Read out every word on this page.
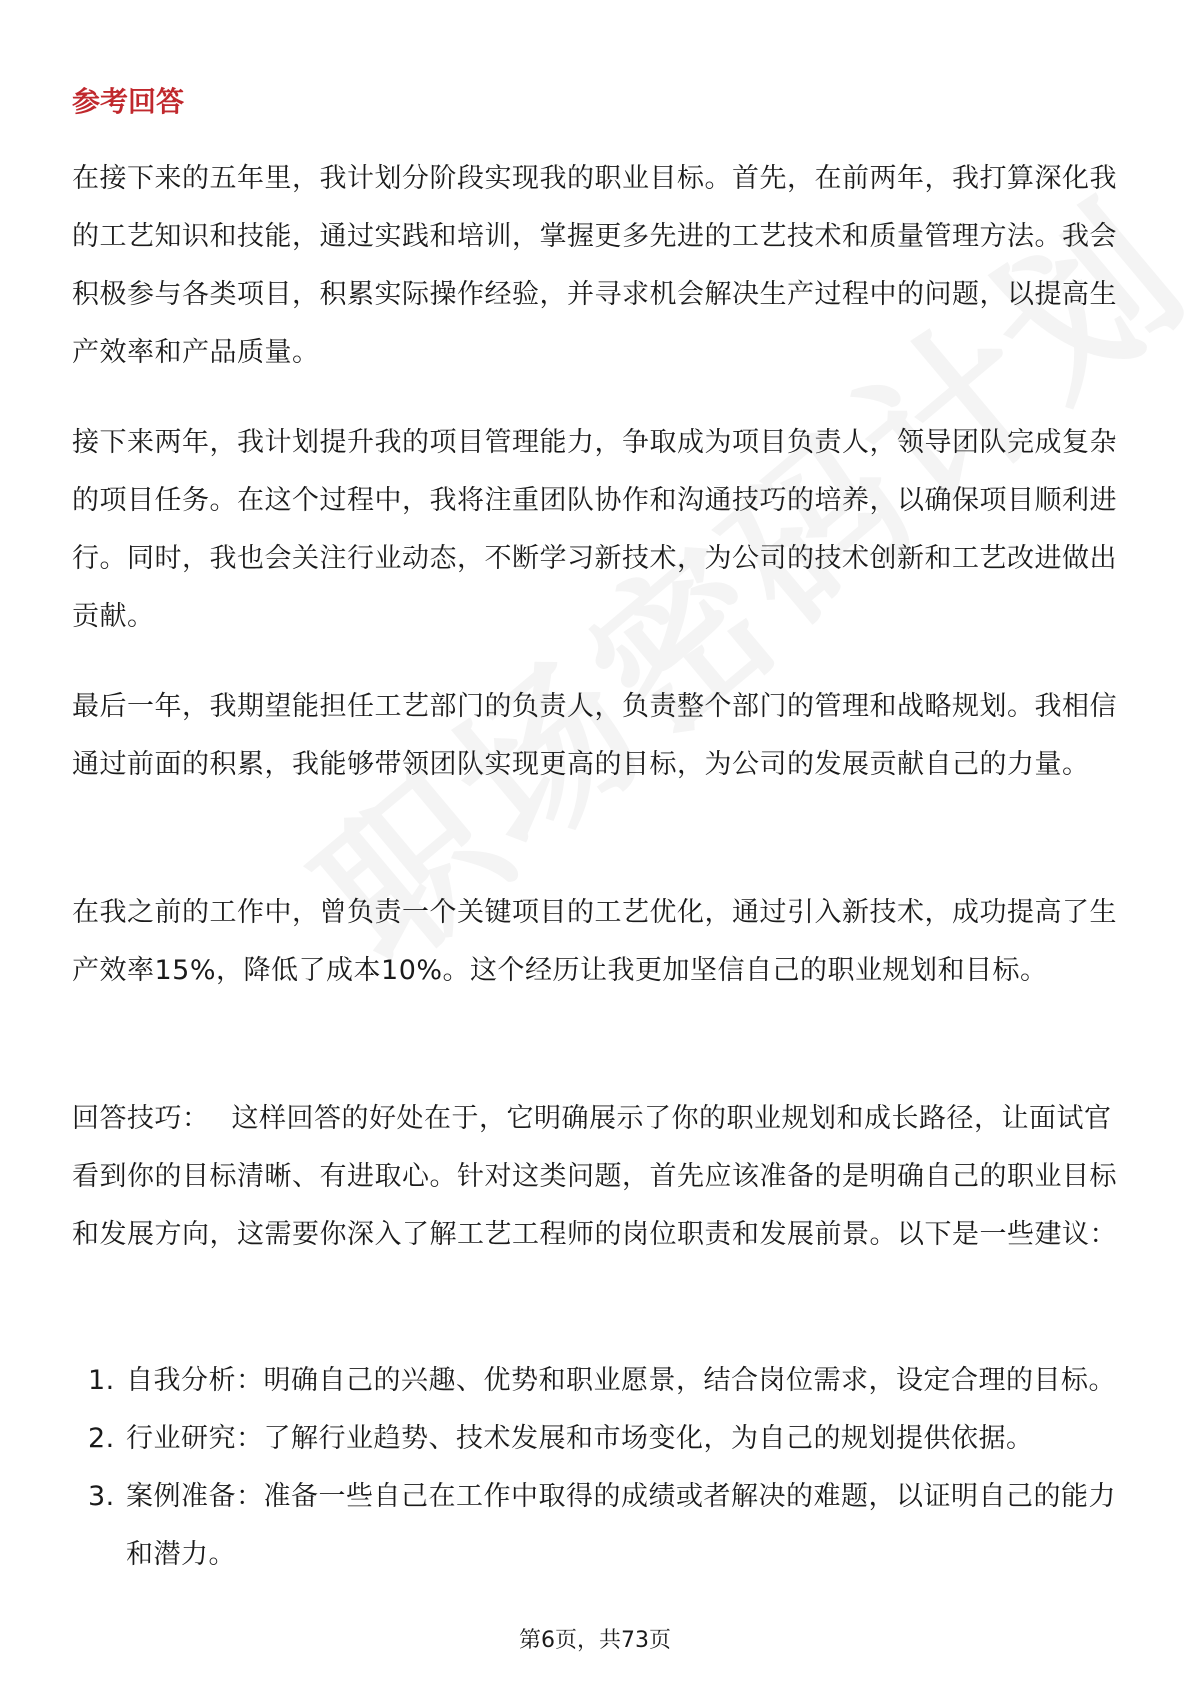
参考回答

在接下来的五年里，我计划分阶段实现我的职业目标。首先，在前两年，我打算深化我的工艺知识和技能，通过实践和培训，掌握更多先进的工艺技术和质量管理方法。我会积极参与各类项目，积累实际操作经验，并寻求机会解决生产过程中的问题，以提高生产效率和产品质量。

接下来两年，我计划提升我的项目管理能力，争取成为项目负责人，领导团队完成复杂的项目任务。在这个过程中，我将注重团队协作和沟通技巧的培养，以确保项目顺利进行。同时，我也会关注行业动态，不断学习新技术，为公司的技术创新和工艺改进做出贡献。

最后一年，我期望能担任工艺部门的负责人，负责整个部门的管理和战略规划。我相信通过前面的积累，我能够带领团队实现更高的目标，为公司的发展贡献自己的力量。

在我之前的工作中，曾负责一个关键项目的工艺优化，通过引入新技术，成功提高了生产效率15%，降低了成本10%。这个经历让我更加坚信自己的职业规划和目标。

回答技巧： 这样回答的好处在于，它明确展示了你的职业规划和成长路径，让面试官看到你的目标清晰、有进取心。针对这类问题，首先应该准备的是明确自己的职业目标和发展方向，这需要你深入了解工艺工程师的岗位职责和发展前景。以下是一些建议：

1. 自我分析：明确自己的兴趣、优势和职业愿景，结合岗位需求，设定合理的目标。
2. 行业研究：了解行业趋势、技术发展和市场变化，为自己的规划提供依据。
3. 案例准备：准备一些自己在工作中取得的成绩或者解决的难题，以证明自己的能力和潜力。
第6页，共73页
